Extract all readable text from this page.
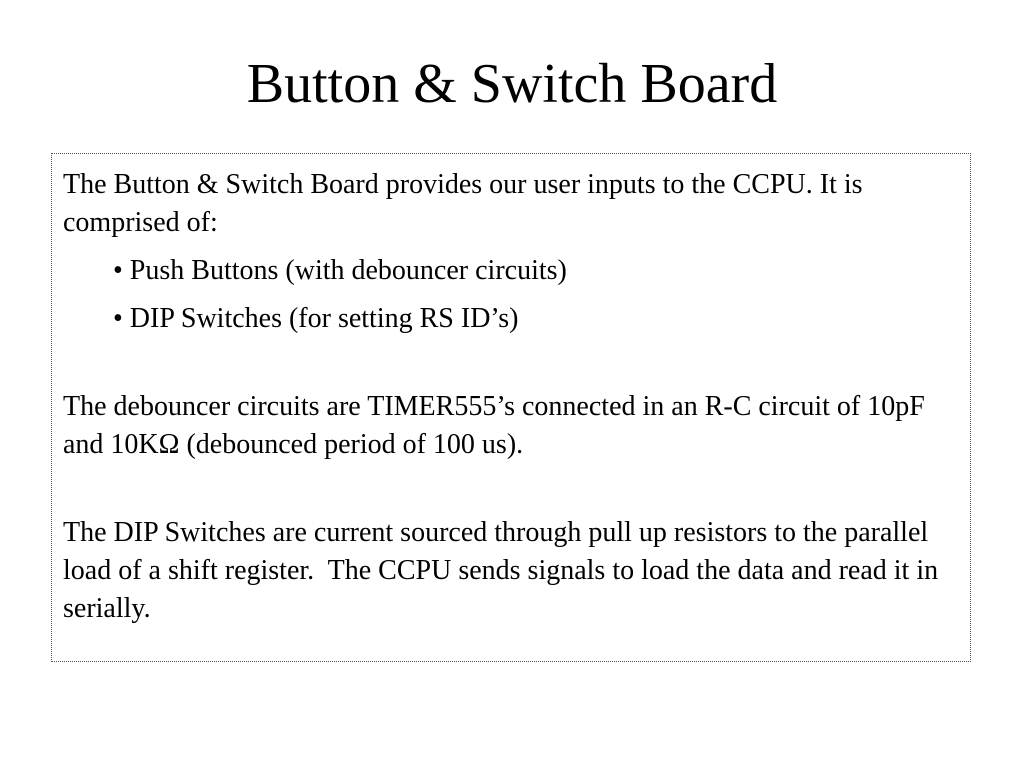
Button & Switch Board

The Button & Switch Board provides our user inputs to the CCPU. It is comprised of:

• Push Buttons (with debouncer circuits)

• DIP Switches (for setting RS ID’s)

The debouncer circuits are TIMER555’s connected in an R-C circuit of 10pF and 10KΩ (debounced period of 100 us).

The DIP Switches are current sourced through pull up resistors to the parallel load of a shift register.  The CCPU sends signals to load the data and read it in serially.
